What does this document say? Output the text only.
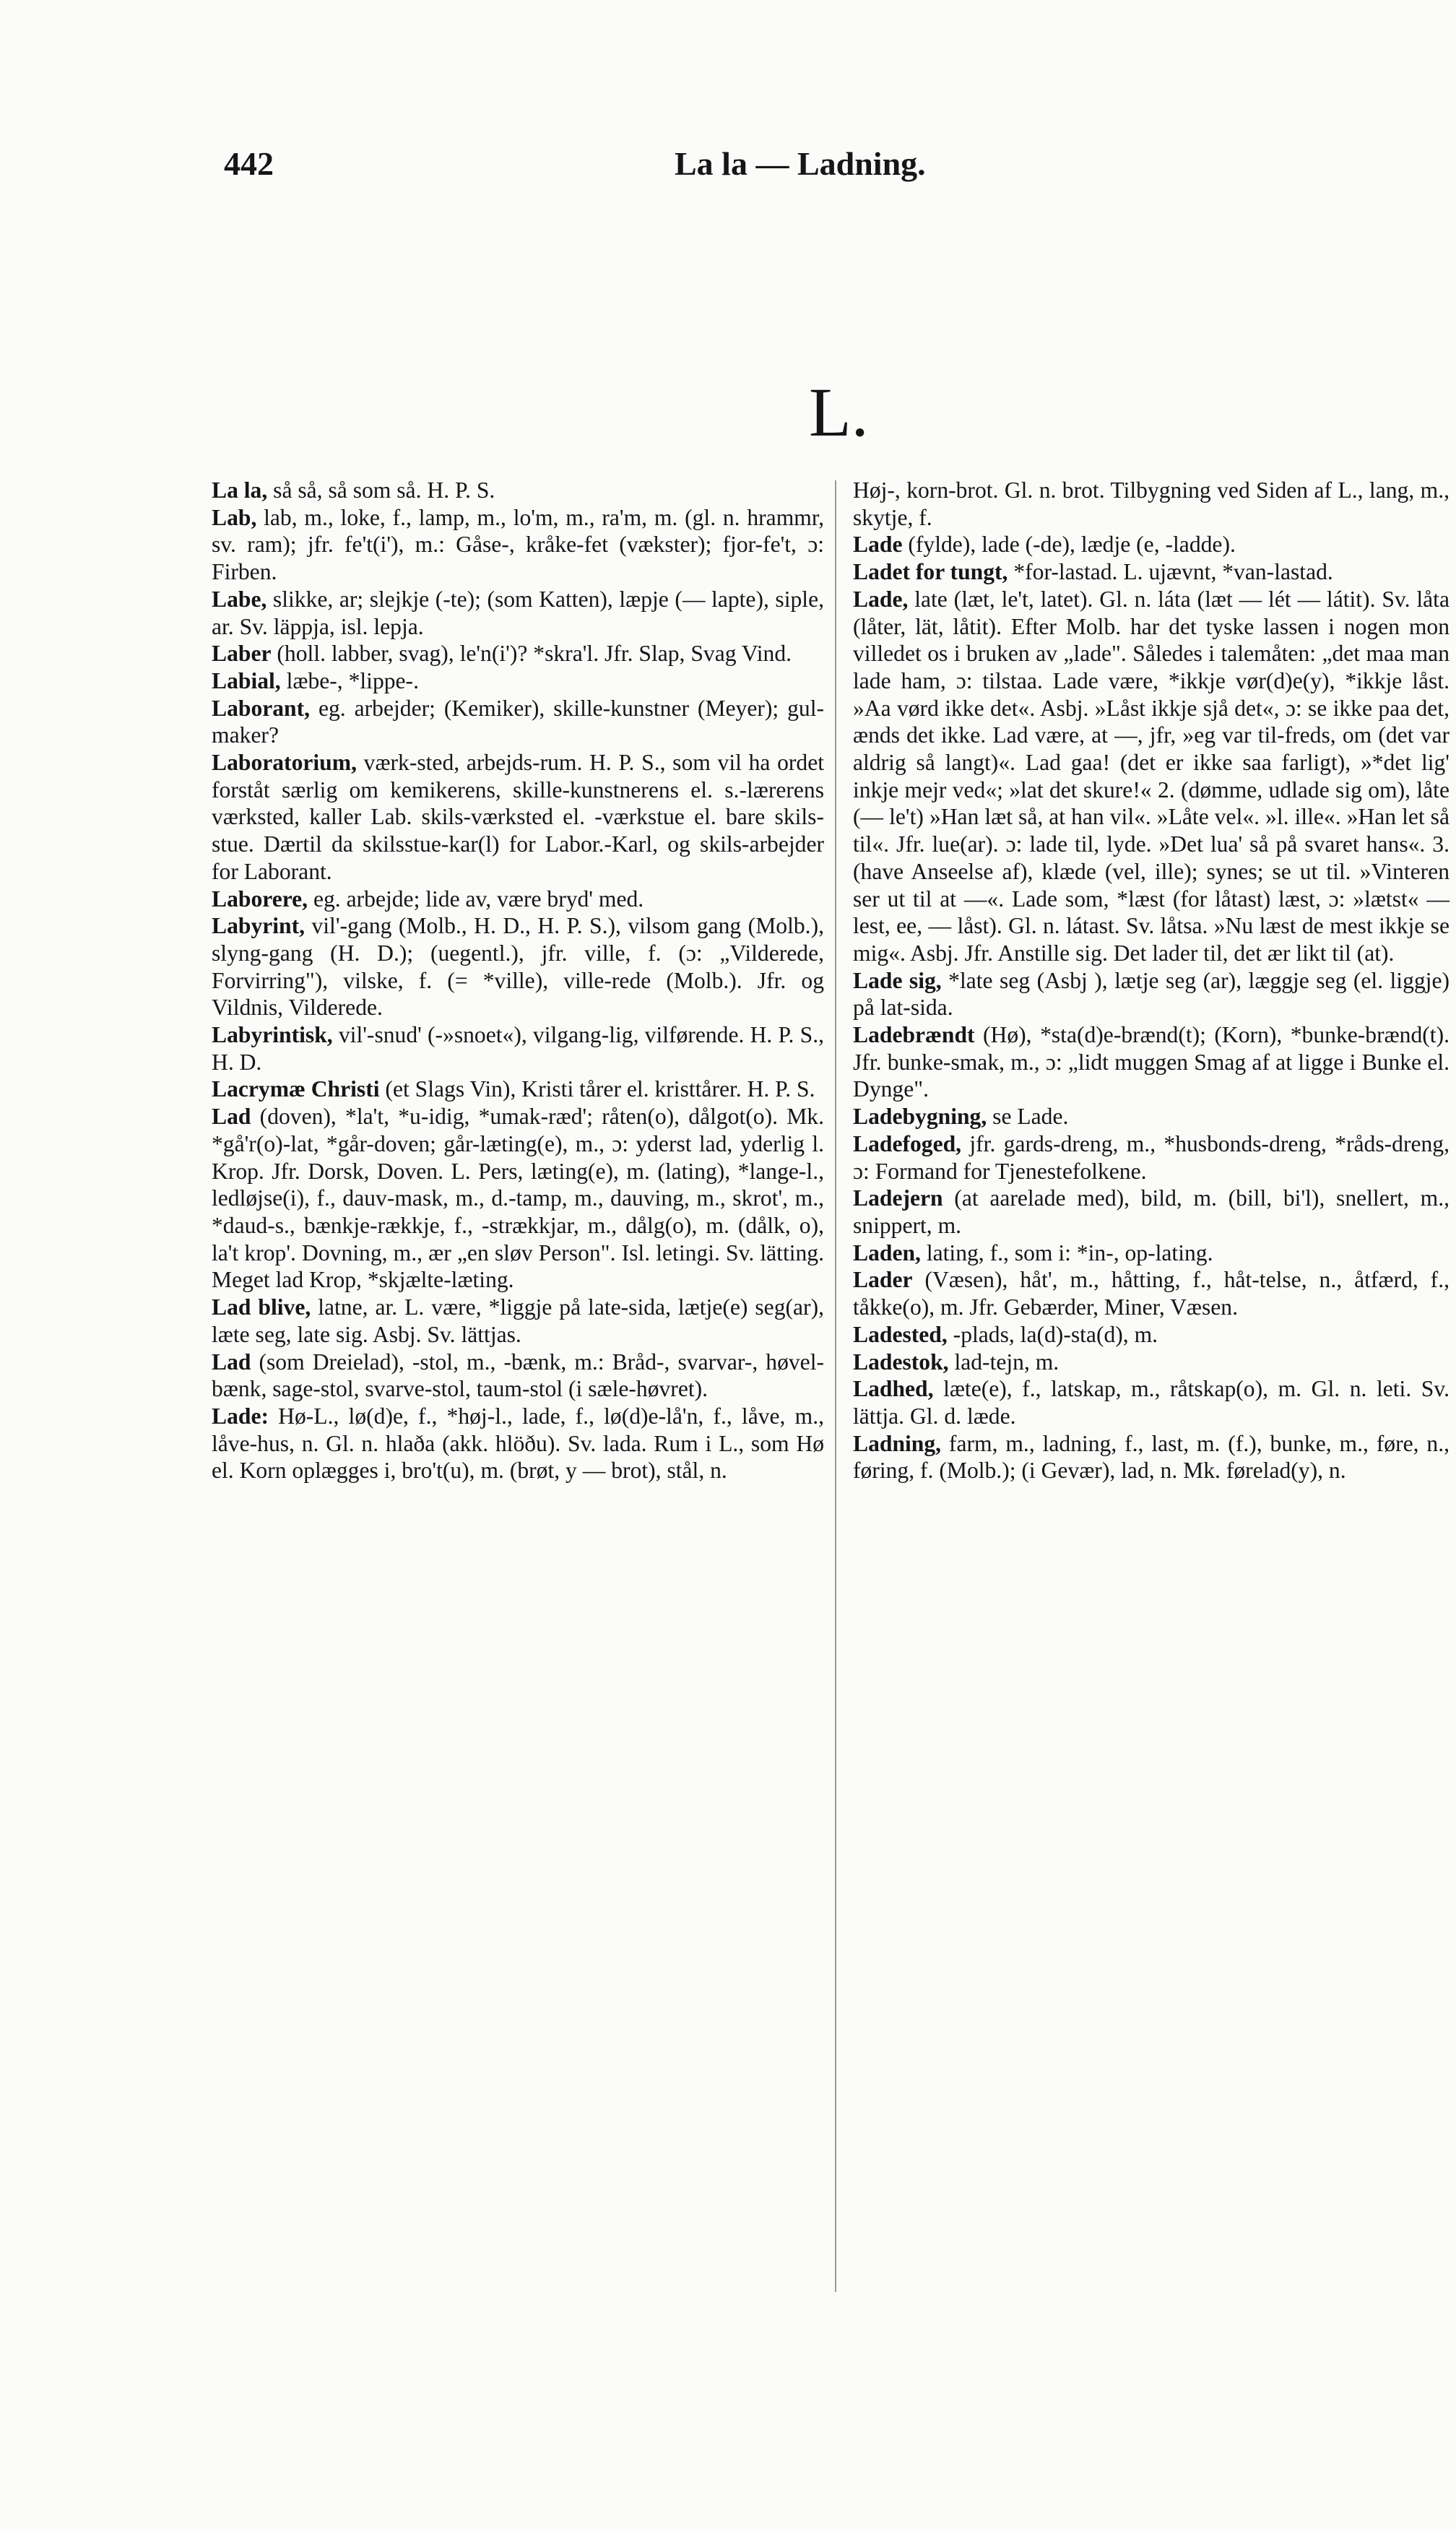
442	La la — Ladning.
L.

La la, så så, så som så. H. P. S.

Lab, lab, m., loke, f., lamp, m., lo'm, m., ra'm, m. (gl. n. hrammr, sv. ram); jfr. fe't(i'), m.: Gåse-, kråke-fet (vækster); fjor-fe't, ɔ: Firben.

Labe, slikke, ar; slejkje (-te); (som Katten), læpje (— lapte), siple, ar. Sv. läppja, isl. lepja.

Laber (holl. labber, svag), le'n(i')? *skra'l. Jfr. Slap, Svag Vind.

Labial, læbe-, *lippe-.

Laborant, eg. arbejder; (Kemiker), skille-kunstner (Meyer); gul-maker?

Laboratorium, værk-sted, arbejds-rum. H. P. S., som vil ha ordet forståt særlig om kemikerens, skille-kunstnerens el. s.-lærerens værksted, kaller Lab. skils-værksted el. -værkstue el. bare skils-stue. Dærtil da skilsstue-kar(l) for Labor.-Karl, og skils-arbejder for Laborant.

Laborere, eg. arbejde; lide av, være bryd' med.

Labyrint, vil'-gang (Molb., H. D., H. P. S.), vilsom gang (Molb.), slyng-gang (H. D.); (uegentl.), jfr. ville, f. (ɔ: „Vilderede, Forvirring"), vilske, f. (= *ville), ville-rede (Molb.). Jfr. og Vildnis, Vilderede.

Labyrintisk, vil'-snud' (-»snoet«), vilgang-lig, vilførende. H. P. S., H. D.

Lacrymæ Christi (et Slags Vin), Kristi tårer el. kristtårer. H. P. S.

Lad (doven), *la't, *u-idig, *umak-ræd'; råten(o), dålgot(o). Mk. *gå'r(o)-lat, *går-doven; går-læting(e), m., ɔ: yderst lad, yderlig l. Krop. Jfr. Dorsk, Doven. L. Pers, læting(e), m. (lating), *lange-l., ledløjse(i), f., dauv-mask, m., d.-tamp, m., dauving, m., skrot', m., *daud-s., bænkje-rækkje, f., -strækkjar, m., dålg(o), m. (dålk, o), la't krop'. Dovning, m., ær „en sløv Person". Isl. letingi. Sv. lätting. Meget lad Krop, *skjælte-læting.

Lad blive, latne, ar. L. være, *liggje på late-sida, lætje(e) seg(ar), læte seg, late sig. Asbj. Sv. lättjas.

Lad (som Dreielad), -stol, m., -bænk, m.: Bråd-, svarvar-, høvel-bænk, sage-stol, svarve-stol, taum-stol (i sæle-høvret).

Lade: Hø-L., lø(d)e, f., *høj-l., lade, f., lø(d)e-lå'n, f., låve, m., låve-hus, n. Gl. n. hlaða (akk. hlöðu). Sv. lada. Rum i L., som Hø el. Korn oplægges i, bro't(u), m. (brøt, y — brot), stål, n.

Høj-, korn-brot. Gl. n. brot. Tilbygning ved Siden af L., lang, m., skytje, f.

Lade (fylde), lade (-de), lædje (e, -ladde).

Ladet for tungt, *for-lastad. L. ujævnt, *van-lastad.

Lade, late (læt, le't, latet). Gl. n. láta (læt — lét — látit). Sv. låta (låter, lät, låtit). Efter Molb. har det tyske lassen i nogen mon villedet os i bruken av „lade". Således i talemåten: „det maa man lade ham, ɔ: tilstaa. Lade være, *ikkje vør(d)e(y), *ikkje låst. »Aa vørd ikke det«. Asbj. »Låst ikkje sjå det«, ɔ: se ikke paa det, ænds det ikke. Lad være, at —, jfr, »eg var til-freds, om (det var aldrig så langt)«. Lad gaa! (det er ikke saa farligt), »*det lig' inkje mejr ved«; »lat det skure!« 2. (dømme, udlade sig om), låte (— le't) »Han læt så, at han vil«. »Låte vel«. »l. ille«. »Han let så til«. Jfr. lue(ar). ɔ: lade til, lyde. »Det lua' så på svaret hans«. 3. (have Anseelse af), klæde (vel, ille); synes; se ut til. »Vinteren ser ut til at —«. Lade som, *læst (for låtast) læst, ɔ: »lætst« — lest, ee, — låst). Gl. n. látast. Sv. låtsa. »Nu læst de mest ikkje se mig«. Asbj. Jfr. Anstille sig. Det lader til, det ær likt til (at).

Lade sig, *late seg (Asbj ), lætje seg (ar), læggje seg (el. liggje) på lat-sida.

Ladebrændt (Hø), *sta(d)e-brænd(t); (Korn), *bunke-brænd(t). Jfr. bunke-smak, m., ɔ: „lidt muggen Smag af at ligge i Bunke el. Dynge".

Ladebygning, se Lade.

Ladefoged, jfr. gards-dreng, m., *husbonds-dreng, *råds-dreng, ɔ: Formand for Tjenestefolkene.

Ladejern (at aarelade med), bild, m. (bill, bi'l), snellert, m., snippert, m.

Laden, lating, f., som i: *in-, op-lating.

Lader (Væsen), håt', m., håtting, f., håt-telse, n., åtfærd, f., tåkke(o), m. Jfr. Gebærder, Miner, Væsen.

Ladested, -plads, la(d)-sta(d), m.

Ladestok, lad-tejn, m.

Ladhed, læte(e), f., latskap, m., råtskap(o), m. Gl. n. leti. Sv. lättja. Gl. d. læde.

Ladning, farm, m., ladning, f., last, m. (f.), bunke, m., føre, n., føring, f. (Molb.); (i Gevær), lad, n. Mk. førelad(y), n.
